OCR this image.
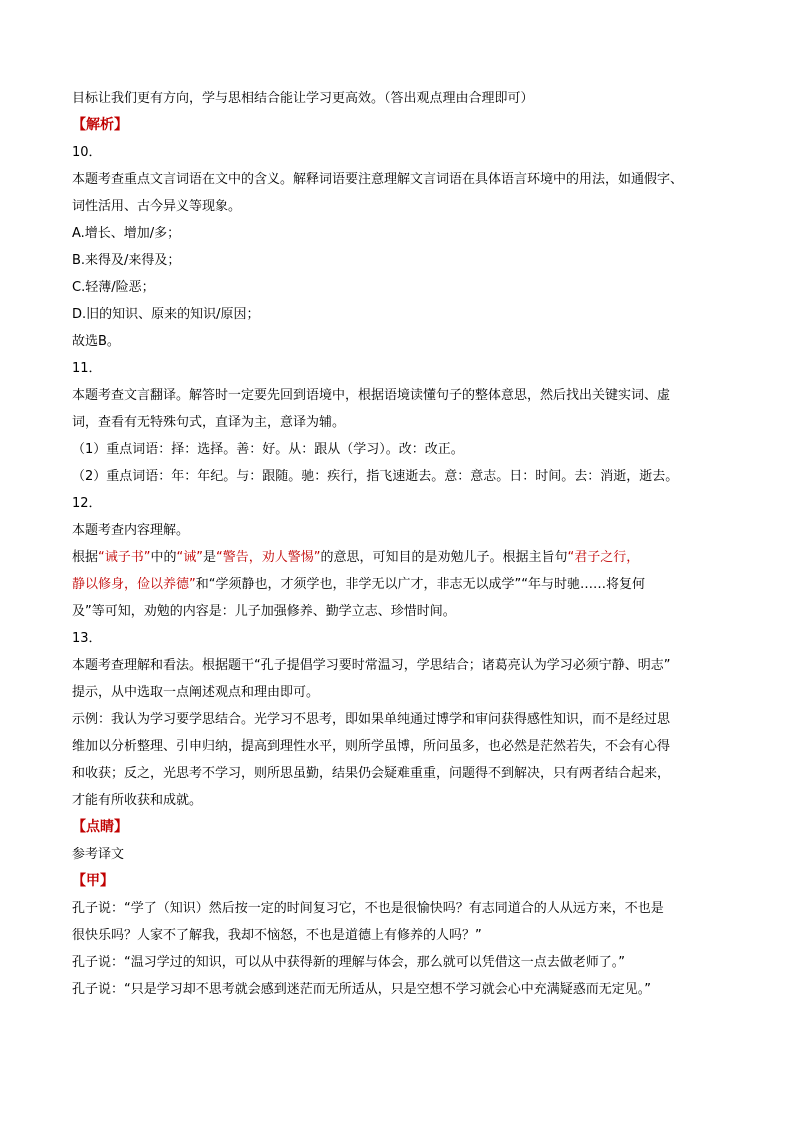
目标让我们更有方向，学与思相结合能让学习更高效。（答出观点理由合理即可）
【解析】
10．
本题考查重点文言词语在文中的含义。解释词语要注意理解文言词语在具体语言环境中的用法，如通假字、
词性活用、古今异义等现象。
A.增长、增加/多；
B.来得及/来得及；
C.轻薄/险恶；
D.旧的知识、原来的知识/原因；
故选B。
11．
本题考查文言翻译。解答时一定要先回到语境中，根据语境读懂句子的整体意思，然后找出关键实词、虚
词，查看有无特殊句式，直译为主，意译为辅。
（1）重点词语：择：选择。善：好。从：跟从（学习）。改：改正。
（2）重点词语：年：年纪。与：跟随。驰：疾行，指飞速逝去。意：意志。日：时间。去：消逝，逝去。
12．
本题考查内容理解。
根据“诫子书”中的“诫”是“警告，劝人警惕”的意思，可知目的是劝勉儿子。根据主旨句“君子之行，
静以修身，俭以养德”和“学须静也，才须学也，非学无以广才，非志无以成学”“年与时驰……将复何
及”等可知，劝勉的内容是：儿子加强修养、勤学立志、珍惜时间。
13．
本题考查理解和看法。根据题干“孔子提倡学习要时常温习，学思结合；诸葛亮认为学习必须宁静、明志”
提示，从中选取一点阐述观点和理由即可。
示例：我认为学习要学思结合。光学习不思考，即如果单纯通过博学和审问获得感性知识，而不是经过思
维加以分析整理、引申归纳，提高到理性水平，则所学虽博，所问虽多，也必然是茫然若失，不会有心得
和收获；反之，光思考不学习，则所思虽勤，结果仍会疑难重重，问题得不到解决，只有两者结合起来，
才能有所收获和成就。
【点睛】
参考译文
【甲】
孔子说：“学了（知识）然后按一定的时间复习它，不也是很愉快吗？有志同道合的人从远方来，不也是
很快乐吗？人家不了解我，我却不恼怒，不也是道德上有修养的人吗？”
孔子说：“温习学过的知识，可以从中获得新的理解与体会，那么就可以凭借这一点去做老师了。”
孔子说：“只是学习却不思考就会感到迷茫而无所适从，只是空想不学习就会心中充满疑惑而无定见。”
